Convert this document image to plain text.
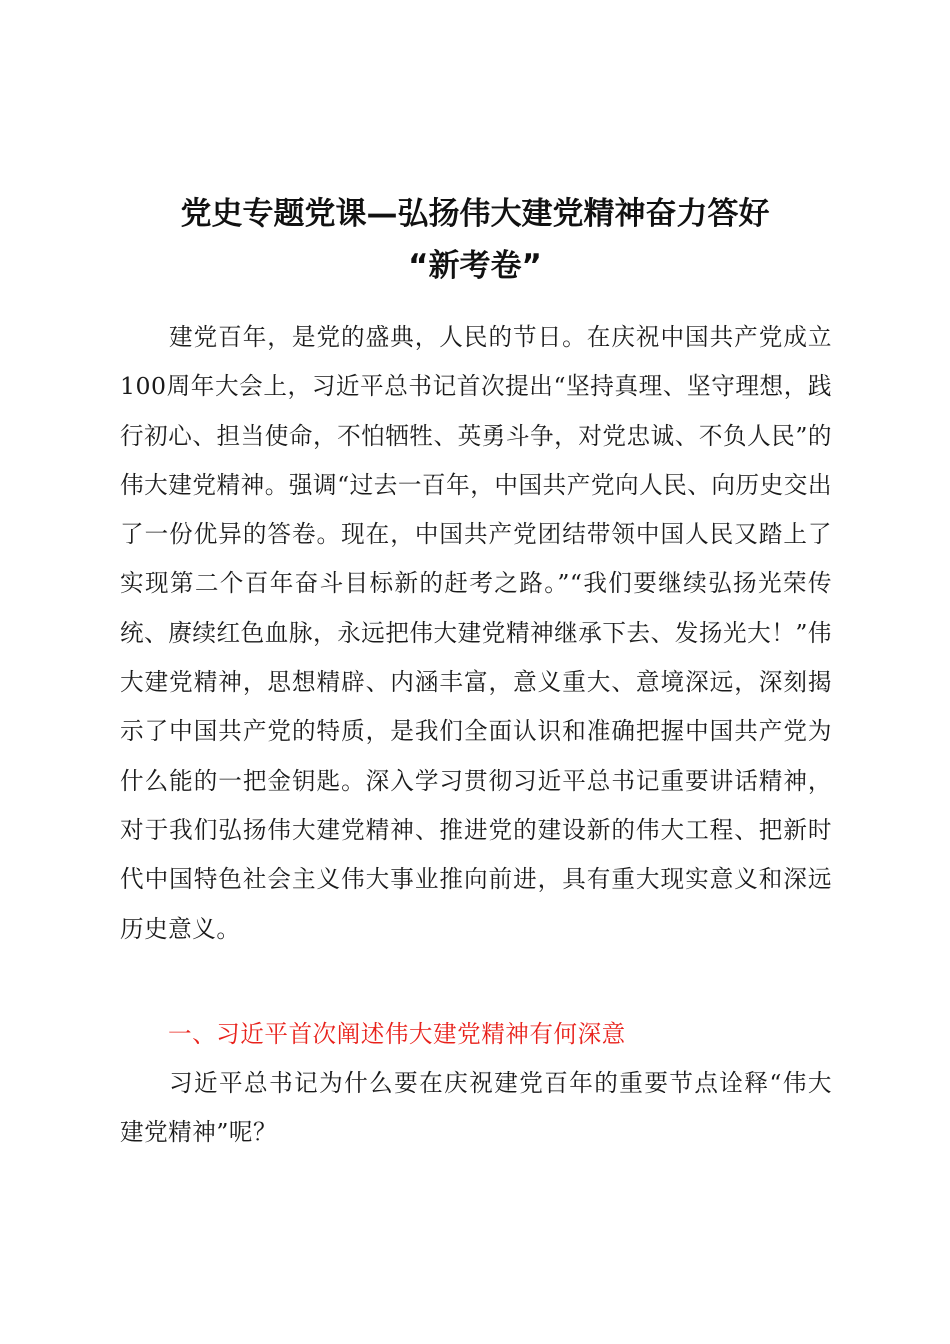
党史专题党课—弘扬伟大建党精神奋力答好
“新考卷”
建党百年，是党的盛典，人民的节日。在庆祝中国共产党成立100周年大会上，习近平总书记首次提出“坚持真理、坚守理想，践行初心、担当使命，不怕牺牲、英勇斗争，对党忠诚、不负人民”的伟大建党精神。强调“过去一百年，中国共产党向人民、向历史交出了一份优异的答卷。现在，中国共产党团结带领中国人民又踏上了实现第二个百年奋斗目标新的赶考之路。”“我们要继续弘扬光荣传统、赓续红色血脉，永远把伟大建党精神继承下去、发扬光大！”伟大建党精神，思想精辟、内涵丰富，意义重大、意境深远，深刻揭示了中国共产党的特质，是我们全面认识和准确把握中国共产党为什么能的一把金钥匙。深入学习贯彻习近平总书记重要讲话精神，对于我们弘扬伟大建党精神、推进党的建设新的伟大工程、把新时代中国特色社会主义伟大事业推向前进，具有重大现实意义和深远历史意义。
一、习近平首次阐述伟大建党精神有何深意
习近平总书记为什么要在庆祝建党百年的重要节点诠释“伟大建党精神”呢？
